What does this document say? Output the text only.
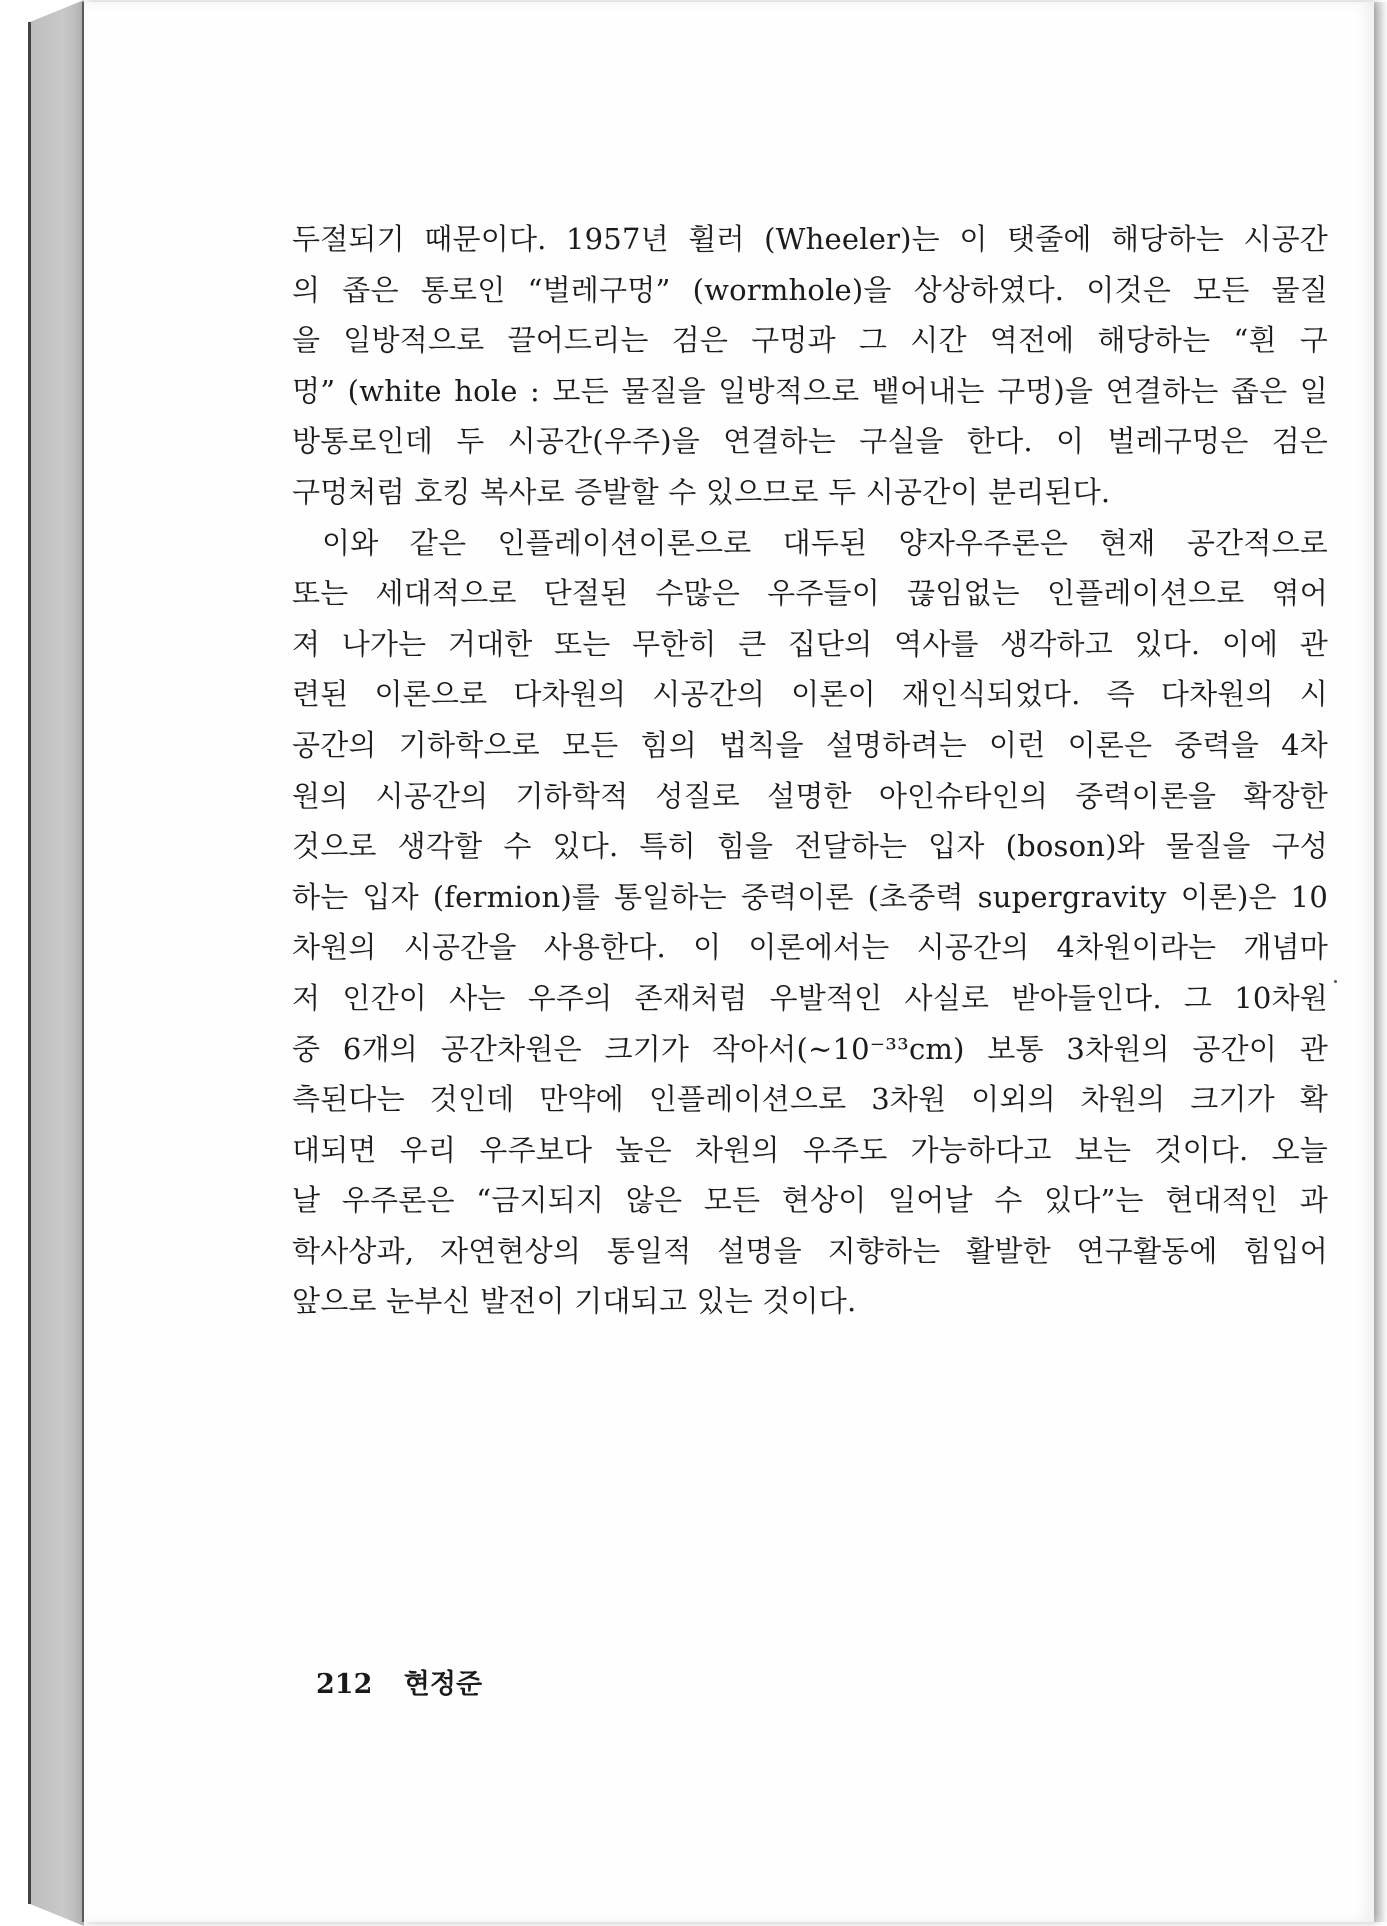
두절되기 때문이다. 1957년 휠러 (Wheeler)는 이 탯줄에 해당하는 시공간
의 좁은 통로인 “벌레구멍” (wormhole)을 상상하였다. 이것은 모든 물질
을 일방적으로 끌어드리는 검은 구멍과 그 시간 역전에 해당하는 “흰 구
멍” (white hole : 모든 물질을 일방적으로 뱉어내는 구멍)을 연결하는 좁은 일
방통로인데 두 시공간(우주)을 연결하는 구실을 한다. 이 벌레구멍은 검은
구멍처럼 호킹 복사로 증발할 수 있으므로 두 시공간이 분리된다.
이와 같은 인플레이션이론으로 대두된 양자우주론은 현재 공간적으로
또는 세대적으로 단절된 수많은 우주들이 끊임없는 인플레이션으로 엮어
져 나가는 거대한 또는 무한히 큰 집단의 역사를 생각하고 있다. 이에 관
련된 이론으로 다차원의 시공간의 이론이 재인식되었다. 즉 다차원의 시
공간의 기하학으로 모든 힘의 법칙을 설명하려는 이런 이론은 중력을 4차
원의 시공간의 기하학적 성질로 설명한 아인슈타인의 중력이론을 확장한
것으로 생각할 수 있다. 특히 힘을 전달하는 입자 (boson)와 물질을 구성
하는 입자 (fermion)를 통일하는 중력이론 (초중력 supergravity 이론)은 10
차원의 시공간을 사용한다. 이 이론에서는 시공간의 4차원이라는 개념마
저 인간이 사는 우주의 존재처럼 우발적인 사실로 받아들인다. 그 10차원
중 6개의 공간차원은 크기가 작아서(~10⁻³³cm) 보통 3차원의 공간이 관
측된다는 것인데 만약에 인플레이션으로 3차원 이외의 차원의 크기가 확
대되면 우리 우주보다 높은 차원의 우주도 가능하다고 보는 것이다. 오늘
날 우주론은 “금지되지 않은 모든 현상이 일어날 수 있다”는 현대적인 과
학사상과, 자연현상의 통일적 설명을 지향하는 활발한 연구활동에 힘입어
앞으로 눈부신 발전이 기대되고 있는 것이다.
212 현정준
